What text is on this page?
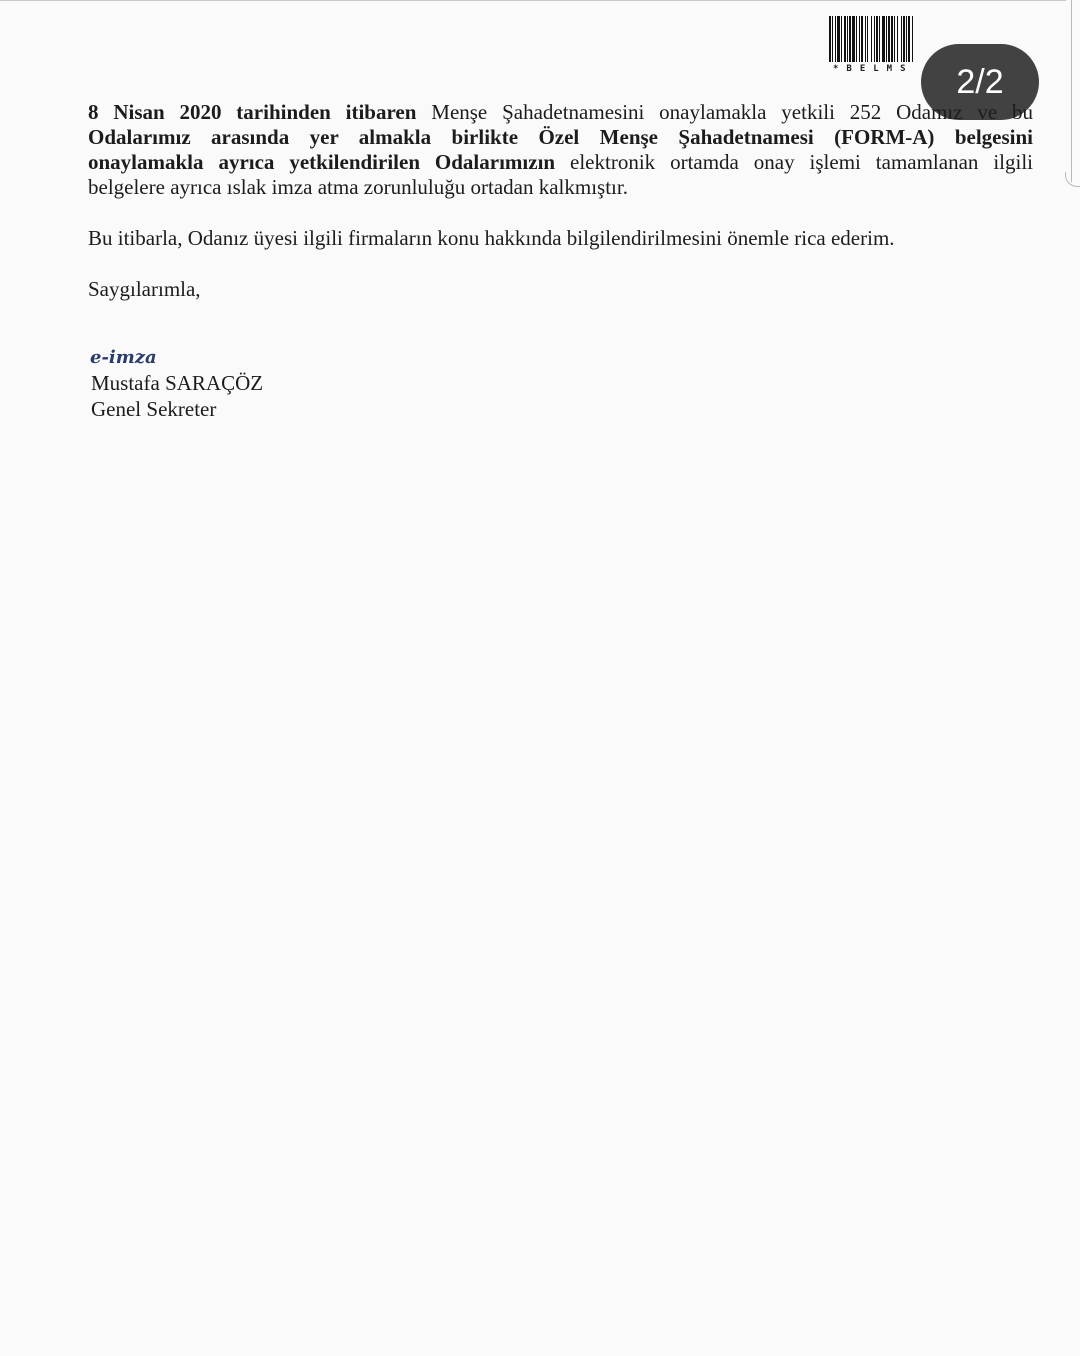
*BELMS	2/2
8 Nisan 2020 tarihinden itibaren Menşe Şahadetnamesini onaylamakla yetkili 252 Odamız ve bu
Odalarımız arasında yer almakla birlikte Özel Menşe Şahadetnamesi (FORM-A) belgesini
onaylamakla ayrıca yetkilendirilen Odalarımızın elektronik ortamda onay işlemi tamamlanan ilgili
belgelere ayrıca ıslak imza atma zorunluluğu ortadan kalkmıştır.
Bu itibarla, Odanız üyesi ilgili firmaların konu hakkında bilgilendirilmesini önemle rica ederim.
Saygılarımla,
e-imza
Mustafa SARAÇÖZ
Genel Sekreter
